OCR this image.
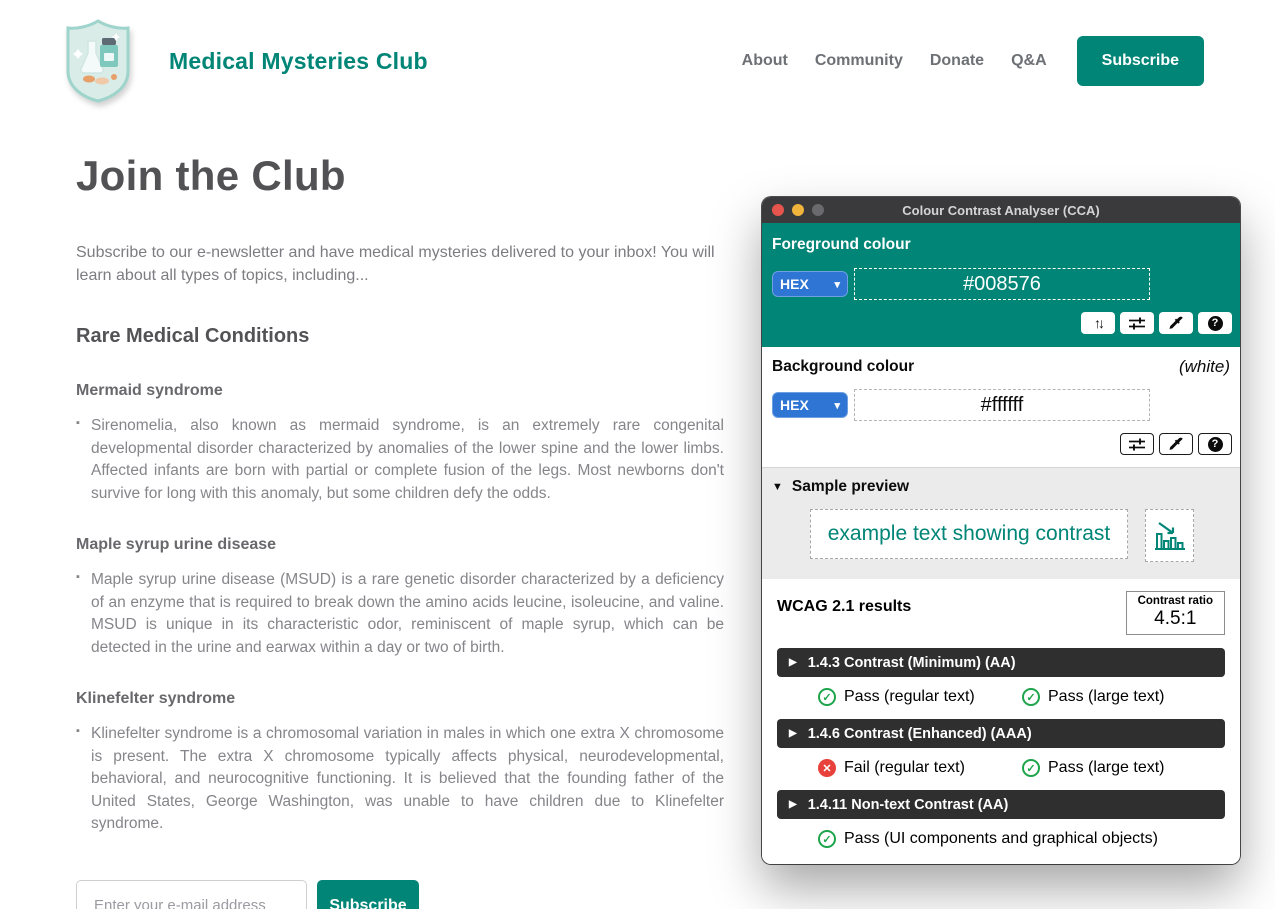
Medical Mysteries Club	About Community Donate Q&A	Subscribe
Join the Club

Subscribe to our e-newsletter and have medical mysteries delivered to your inbox! You will learn about all types of topics, including...

Rare Medical Conditions
Mermaid syndrome
▪ Sirenomelia, also known as mermaid syndrome, is an extremely rare congenital developmental disorder characterized by anomalies of the lower spine and the lower limbs. Affected infants are born with partial or complete fusion of the legs. Most newborns don't survive for long with this anomaly, but some children defy the odds.
Maple syrup urine disease
▪ Maple syrup urine disease (MSUD) is a rare genetic disorder characterized by a deficiency of an enzyme that is required to break down the amino acids leucine, isoleucine, and valine. MSUD is unique in its characteristic odor, reminiscent of maple syrup, which can be detected in the urine and earwax within a day or two of birth.
Klinefelter syndrome
▪ Klinefelter syndrome is a chromosomal variation in males in which one extra X chromosome is present. The extra X chromosome typically affects physical, neurodevelopmental, behavioral, and neurocognitive functioning. It is believed that the founding father of the United States, George Washington, was unable to have children due to Klinefelter syndrome.
Enter your e-mail address
Subscribe
Colour Contrast Analyser (CCA)
Foreground colour
HEX ▾
#008576
↑↓	?
Background colour	(white)
HEX ▾
#ffffff
?
▼ Sample preview
example text showing contrast
WCAG 2.1 results	Contrast ratio
4.5:1
▶ 1.4.3 Contrast (Minimum) (AA)
✓ Pass (regular text)	✓ Pass (large text)
▶ 1.4.6 Contrast (Enhanced) (AAA)
✕ Fail (regular text)	✓ Pass (large text)
▶ 1.4.11 Non-text Contrast (AA)
✓ Pass (UI components and graphical objects)
